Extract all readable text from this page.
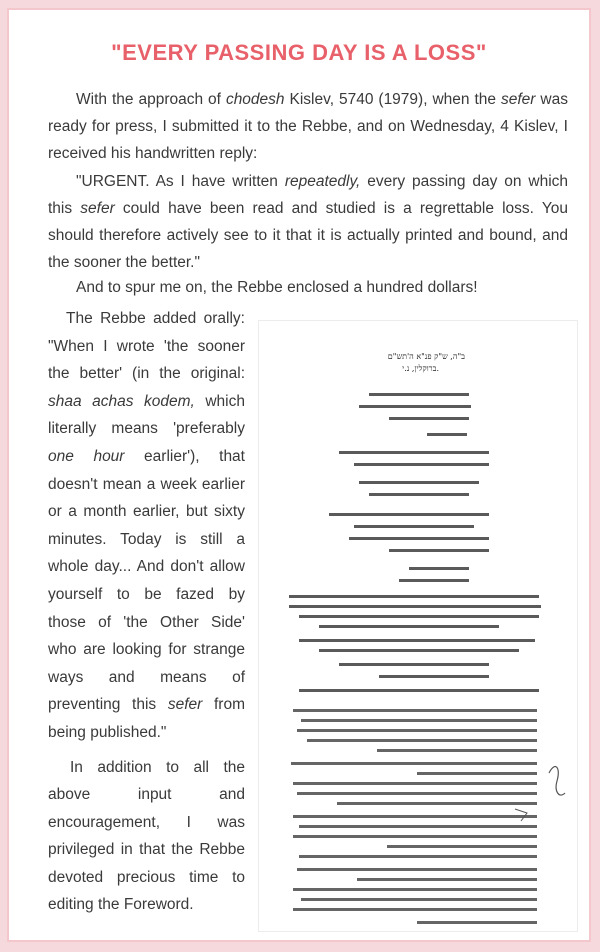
"EVERY PASSING DAY IS A LOSS"

With the approach of chodesh Kislev, 5740 (1979), when the sefer was ready for press, I submitted it to the Rebbe, and on Wednesday, 4 Kislev, I received his handwritten reply:

"URGENT. As I have written repeatedly, every passing day on which this sefer could have been read and studied is a regrettable loss. You should therefore actively see to it that it is actually printed and bound, and the sooner the better."

And to spur me on, the Rebbe enclosed a hundred dollars!

The Rebbe added orally: "When I wrote 'the sooner the better' (in the original: shaa achas kodem, which literally means 'preferably one hour earlier'), that doesn't mean a week earlier or a month earlier, but sixty minutes. Today is still a whole day... And don't allow yourself to be fazed by those of 'the Other Side' who are looking for strange ways and means of preventing this sefer from being published."

In addition to all the above input and encouragement, I was privileged in that the Rebbe devoted precious time to editing the Foreword.

ב"ה, ש"ק פנ"א ה'תש"ם
ברוקלין, נ.י.
